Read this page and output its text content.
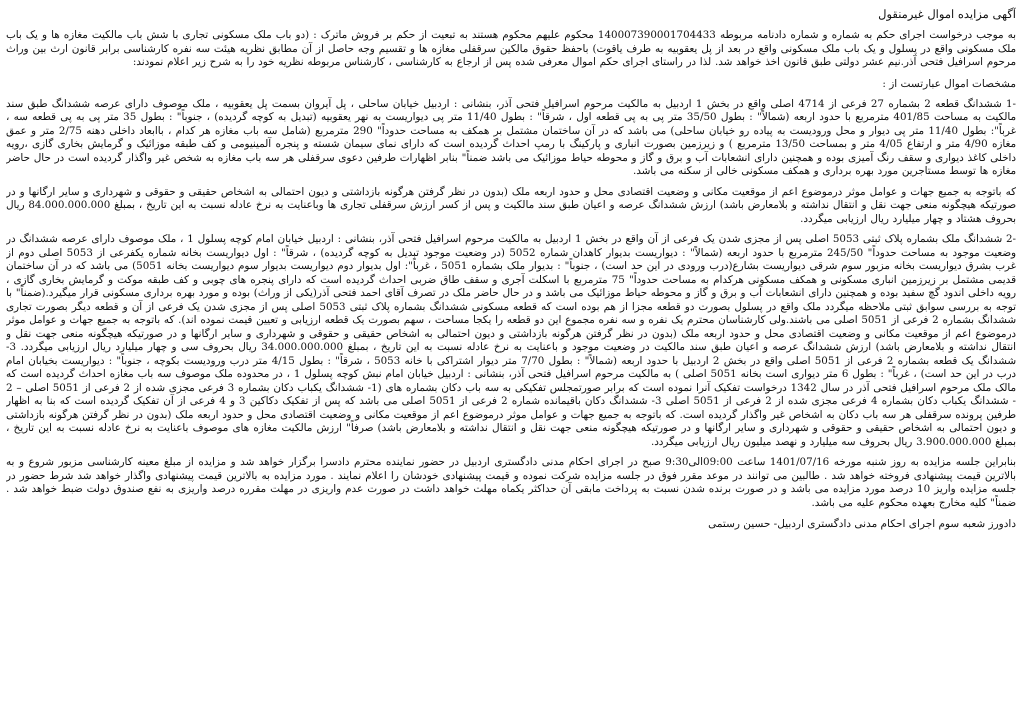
آگهی مزایده اموال غیرمنقول
به موجب درخواست اجرای حکم به شماره و شماره دادنامه مربوطه 140007390001704433 محکوم علیهم محکوم هستند به تبعیت از حکم بر فروش ماترک : (دو باب ملک مسکونی تجاری با شش باب مالکیت مغازه ها و یک باب ملک مسکونی واقع در پسلول و یک باب ملک مسکونی واقع در بعد از پل یعقوبیه به طرف یاقوت) باحفظ حقوق مالکین سرقفلی مغازه ها و تقسیم وجه حاصل از آن مطابق نظریه هیئت سه نفره کارشناسی برابر قانون ارث بین وراث مرحوم اسرافیل فتحی آذر.نیم عشر دولتی طبق قانون اخذ خواهد شد. لذا در راستای اجرای حکم اموال معرفی شده پس از ارجاع به کارشناسی ، کارشناس مربوطه نظریه خود را به شرح زیر اعلام نمودند:
مشخصات اموال عبارتست از :
-1 ششدانگ قطعه 2 بشماره 27 فرعی از 4714 اصلی واقع در بخش 1 اردبیل به مالکیت مرحوم اسرافیل فتحی آذر، بنشانی : اردبیل خیابان ساحلی ، پل آیروان بسمت پل یعقوبیه ، ملک موصوف دارای عرصه ششدانگ طبق سند مالکیت به مساحت 401/85 مترمربع با حدود اربعه (شمالاً" : بطول 35/50 متر پی به پی قطعه اول ، شرقاً" : بطول 11/40 متر پی دیواریست به نهر یعقوبیه (تبدیل به کوچه گردیده) ، جنوباً" : بطول 35 متر پی به پی قطعه سه ، غرباً": بطول 11/40 متر پی دیوار و محل ورودیست به پیاده رو خیابان ساحلی) می باشد که در آن ساختمان مشتمل بر همکف به مساحت حدوداً" 290 مترمربع (شامل سه باب مغازه هر کدام ، باابعاد داخلی دهنه 2/75 متر و عمق مغازه 4/90 متر و ارتفاع 4/05 متر و بمساحت 13/50 مترمربع ) و زیرزمین بصورت انباری و پارکینگ با رمپ احداث گردیده است که دارای نمای سیمان شسته و پنجره آلمینیومی و کف طبقه موزائیک و گرمایش بخاری گازی ،رویه داخلی کاغذ دیواری و سقف رنگ آمیزی بوده و همچنین دارای انشعابات آب و برق و گاز و محوطه حیاط موزائیک می باشد ضمناً" بنابر اظهارات طرفین دعوی سرقفلی هر سه باب مغازه به شخص غیر واگذار گردیده است در حال حاضر مغازه ها توسط مستاجرین مورد بهره برداری و همکف مسکونی خالی از سکنه می باشد.
که باتوجه به جمیع جهات و عوامل موثر درموضوع اعم از موقعیت مکانی و وضعیت اقتصادی محل و حدود اربعه ملک (بدون در نظر گرفتن هرگونه بازداشتی و دیون احتمالی به اشخاص حقیقی و حقوقی و شهرداری و سایر ارگانها و در صورتیکه هیچگونه منعی جهت نقل و انتقال نداشته و بلامعارض باشد) ارزش ششدانگ عرصه و اعیان طبق سند مالکیت و پس از کسر ارزش سرقفلی تجاری ها وباعنایت به نرخ عادله نسبت به این تاریخ ، بمبلغ 84.000.000.000 ریال بحروف هشتاد و چهار میلیارد ریال ارزیابی میگردد.
-2 ششدانگ ملک بشماره پلاک ثبتی 5053 اصلی پس از مجزی شدن یک فرعی از آن واقع در بخش 1 اردبیل به مالکیت مرحوم اسرافیل فتحی آذر، بنشانی : اردبیل خیابان امام کوچه پسلول 1 ، ملک موصوف دارای عرصه ششدانگ در وضعیت موجود به مساحت حدوداً" 245/50 مترمربع با حدود اربعه (شمالاً" : دیواریست بدیوار کاهدان شماره 5052 (در وضعیت موجود تبدیل به کوچه گردیده) ، شرقاً" : اول دیواریست بخانه شماره یکفرعی از 5053 اصلی دوم از غرب بشرق دیواریست بخانه مزبور سوم شرقی دیواریست بشارع(درب ورودی در این حد است) ، جنوباً" : بدیوار ملک بشماره 5051 ، غرباً": اول بدیوار دوم دیواریست بدیوار سوم دیواریست بخانه 5051) می باشد که در آن ساختمان قدیمی مشتمل بر زیرزمین انباری مسکونی و همکف مسکونی هرکدام به مساحت حدوداً" 75 مترمربع با اسکلت آجری و سقف طاق ضربی احداث گردیده است که دارای پنجره های چوبی و کف طبقه موکت و گرمایش بخاری گازی ، رویه داخلی اندود گچ سفید بوده و همچنین دارای انشعابات آب و برق و گاز و محوطه حیاط موزائیک می باشد و در حال حاضر ملک در تصرف آقای احمد فتحی آذر(یکی از وراث) بوده و مورد بهره برداری مسکونی قرار میگیرد.(ضمناً" با توجه به بررسی سوابق ثبتی ملاحظه میگردد ملک واقع در پسلول بصورت دو قطعه مجزا از هم بوده است که قطعه مسکونی ششدانگ بشماره پلاک ثبتی 5053 اصلی پس از مجزی شدن یک فرعی از آن و قطعه دیگر بصورت تجاری ششدانگ بشماره 2 فرعی از 5051 اصلی می باشند.ولی کارشناسان محترم یک نفره و سه نفره مجموع این دو قطعه را یکجا مساحت ، سهم بصورت یک قطعه ارزیابی و تعیین قیمت نموده اند). که باتوجه به جمیع جهات و عوامل موثر درموضوع اعم از موقعیت مکانی و وضعیت اقتصادی محل و حدود اربعه ملک (بدون در نظر گرفتن هرگونه بازداشتی و دیون احتمالی به اشخاص حقیقی و حقوقی و شهرداری و سایر ارگانها و در صورتیکه هیچگونه منعی جهت نقل و انتقال نداشته و بلامعارض باشد) ارزش ششدانگ عرصه و اعیان طبق سند مالکیت در وضعیت موجود و باعنایت به نرخ عادله نسبت به این تاریخ ، بمبلغ 34.000.000.000 ریال بحروف سی و چهار میلیارد ریال ارزیابی میگردد. 3- ششدانگ یک قطعه بشماره 2 فرعی از 5051 اصلی واقع در بخش 2 اردبیل با حدود اربعه (شمالاً" : بطول 7/70 متر دیوار اشتراکی با خانه 5053 ، شرقاً" : بطول 4/15 متر درب ورودیست بکوچه ، جنوباً" : دیواریست بخیابان امام درب در این حد است) ، غرباً" : بطول 6 متر دیواری است بخانه 5051 اصلی ) به مالکیت مرحوم اسرافیل فتحی آذر، بنشانی : اردبیل خیابان امام نبش کوچه پسلول 1 ، در محدوده ملک موصوف سه باب مغازه احداث گردیده است که مالک ملک مرحوم اسرافیل فتحی آذر در سال 1342 درخواست تفکیک آنرا نموده است که برابر صورتمجلس تفکیکی به سه باب دکان بشماره های (1- ششدانگ یکباب دکان بشماره 3 فرعی مجزی شده از 2 فرعی از 5051 اصلی – 2 - ششدانگ یکباب دکان بشماره 4 فرعی مجزی شده از 2 فرعی از 5051 اصلی 3- ششدانگ دکان باقیمانده شماره 2 فرعی از 5051 اصلی می باشد که پس از تفکیک دکاکین 3 و 4 فرعی از آن تفکیک گردیده است که بنا به اظهار طرفین پرونده سرقفلی هر سه باب دکان به اشخاص غیر واگذار گردیده است. که باتوجه به جمیع جهات و عوامل موثر درموضوع اعم از موقعیت مکانی و وضعیت اقتصادی محل و حدود اربعه ملک (بدون در نظر گرفتن هرگونه بازداشتی و دیون احتمالی به اشخاص حقیقی و حقوقی و شهرداری و سایر ارگانها و در صورتیکه هیچگونه منعی جهت نقل و انتقال نداشته و بلامعارض باشد) صرفاً" ارزش مالکیت مغازه های موصوف باعنایت به نرخ عادله نسبت به این تاریخ ، بمبلغ 3.900.000.000 ریال بحروف سه میلیارد و نهصد میلیون ریال ارزیابی میگردد.
بنابراین جلسه مزایده به روز شنبه مورخه 1401/07/16 ساعت 09:00الی9:30 صبح در اجرای احکام مدنی دادگستری اردبیل در حضور نماینده محترم دادسرا برگزار خواهد شد و مزایده از مبلغ معینه کارشناسی مزبور شروع و به بالاترین قیمت پیشنهادی فروخته خواهد شد . طالبین می توانند در موعد مقرر فوق در جلسه مزایده شرکت نموده و قیمت پیشنهادی خودشان را اعلام نمایند . مورد مزایده به بالاترین قیمت پیشنهادی واگذار خواهد شد شرط حضور در جلسه مزایده واریز 10 درصد مورد مزایده می باشد و در صورت برنده شدن نسبت به پرداخت مابقی آن حداکثر یکماه مهلت خواهد داشت در صورت عدم واریزی در مهلت مقرره درصد واریزی به نفع صندوق دولت ضبط خواهد شد . ضمناً" کلیه مخارج بعهده محکوم علیه می باشد.
دادورز شعبه سوم اجرای احکام مدنی دادگستری اردبیل- حسین رستمی
